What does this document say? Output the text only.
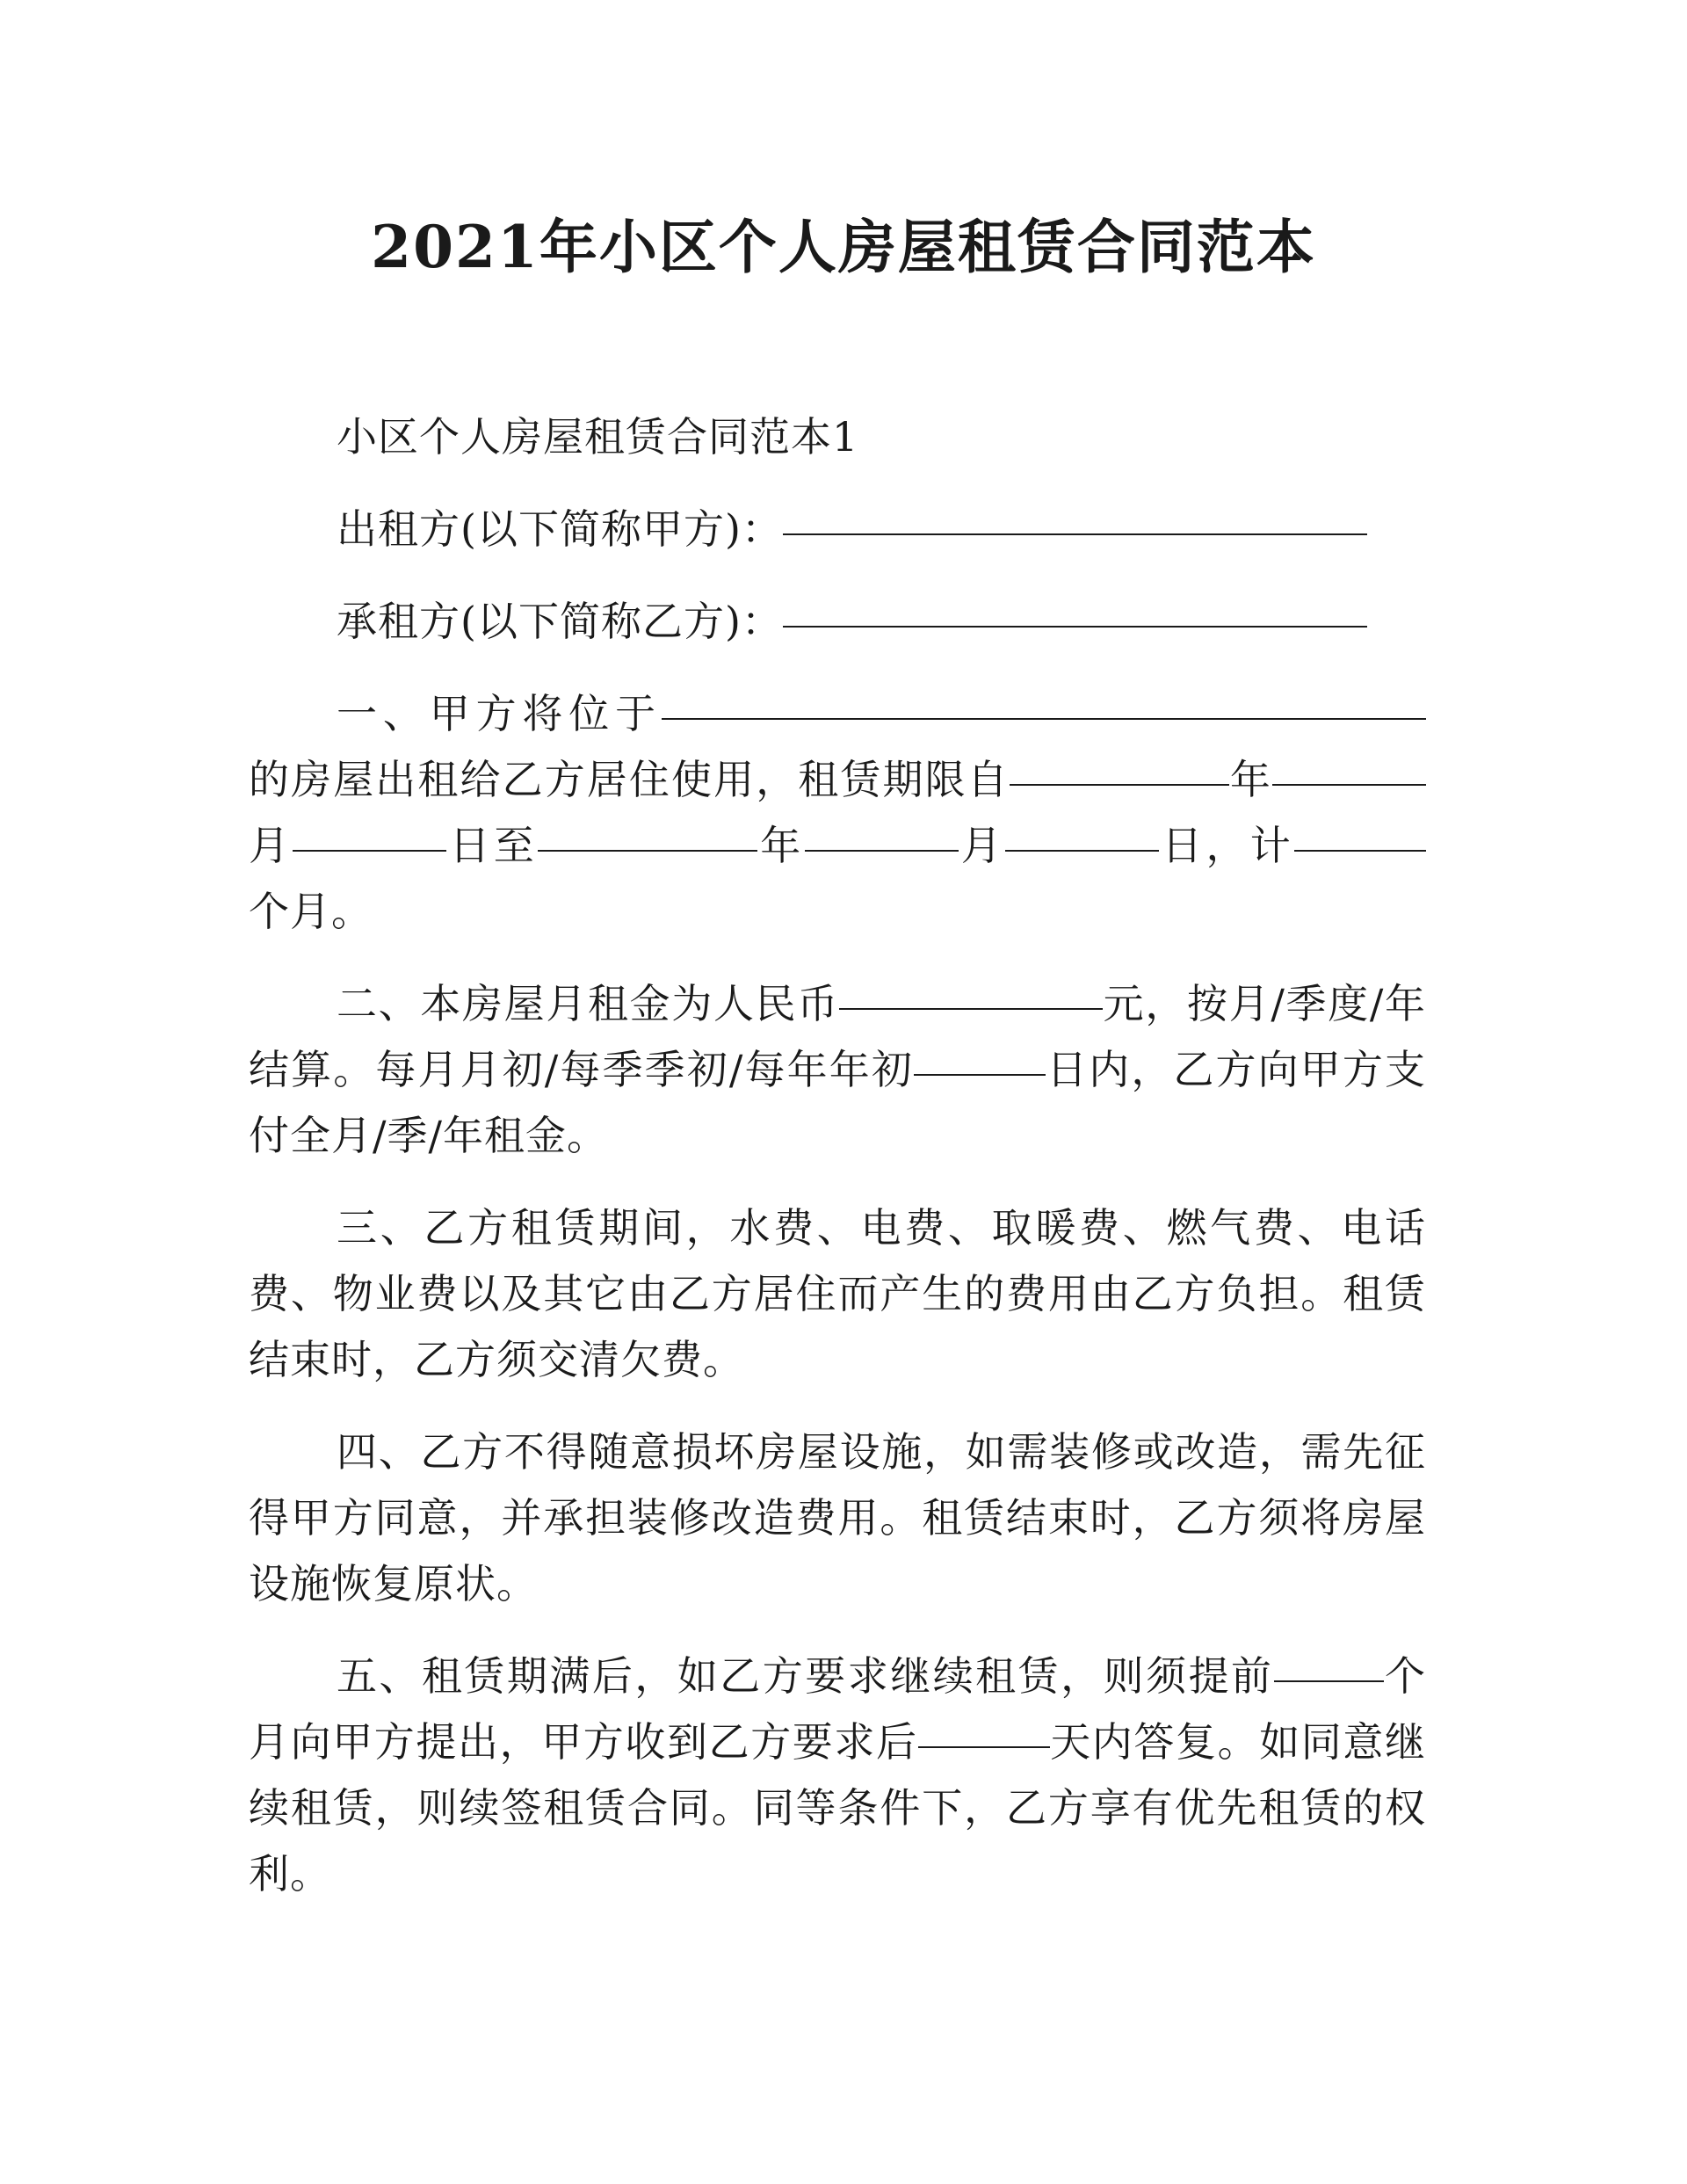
2021年小区个人房屋租赁合同范本

小区个人房屋租赁合同范本1

出租方(以下简称甲方)：

承租方(以下简称乙方)：

一、甲方将位于的房屋出租给乙方居住使用，租赁期限自	年月	日至	年	月	日，计个月。

二、本房屋月租金为人民币	元，按月/季度/年结算。每月月初/每季季初/每年年初	日内，乙方向甲方支付全月/季/年租金。

三、乙方租赁期间，水费、电费、取暖费、燃气费、电话费、物业费以及其它由乙方居住而产生的费用由乙方负担。租赁结束时，乙方须交清欠费。

四、乙方不得随意损坏房屋设施，如需装修或改造，需先征得甲方同意，并承担装修改造费用。租赁结束时，乙方须将房屋设施恢复原状。

五、租赁期满后，如乙方要求继续租赁，则须提前	个月向甲方提出，甲方收到乙方要求后	天内答复。如同意继续租赁，则续签租赁合同。同等条件下，乙方享有优先租赁的权利。
